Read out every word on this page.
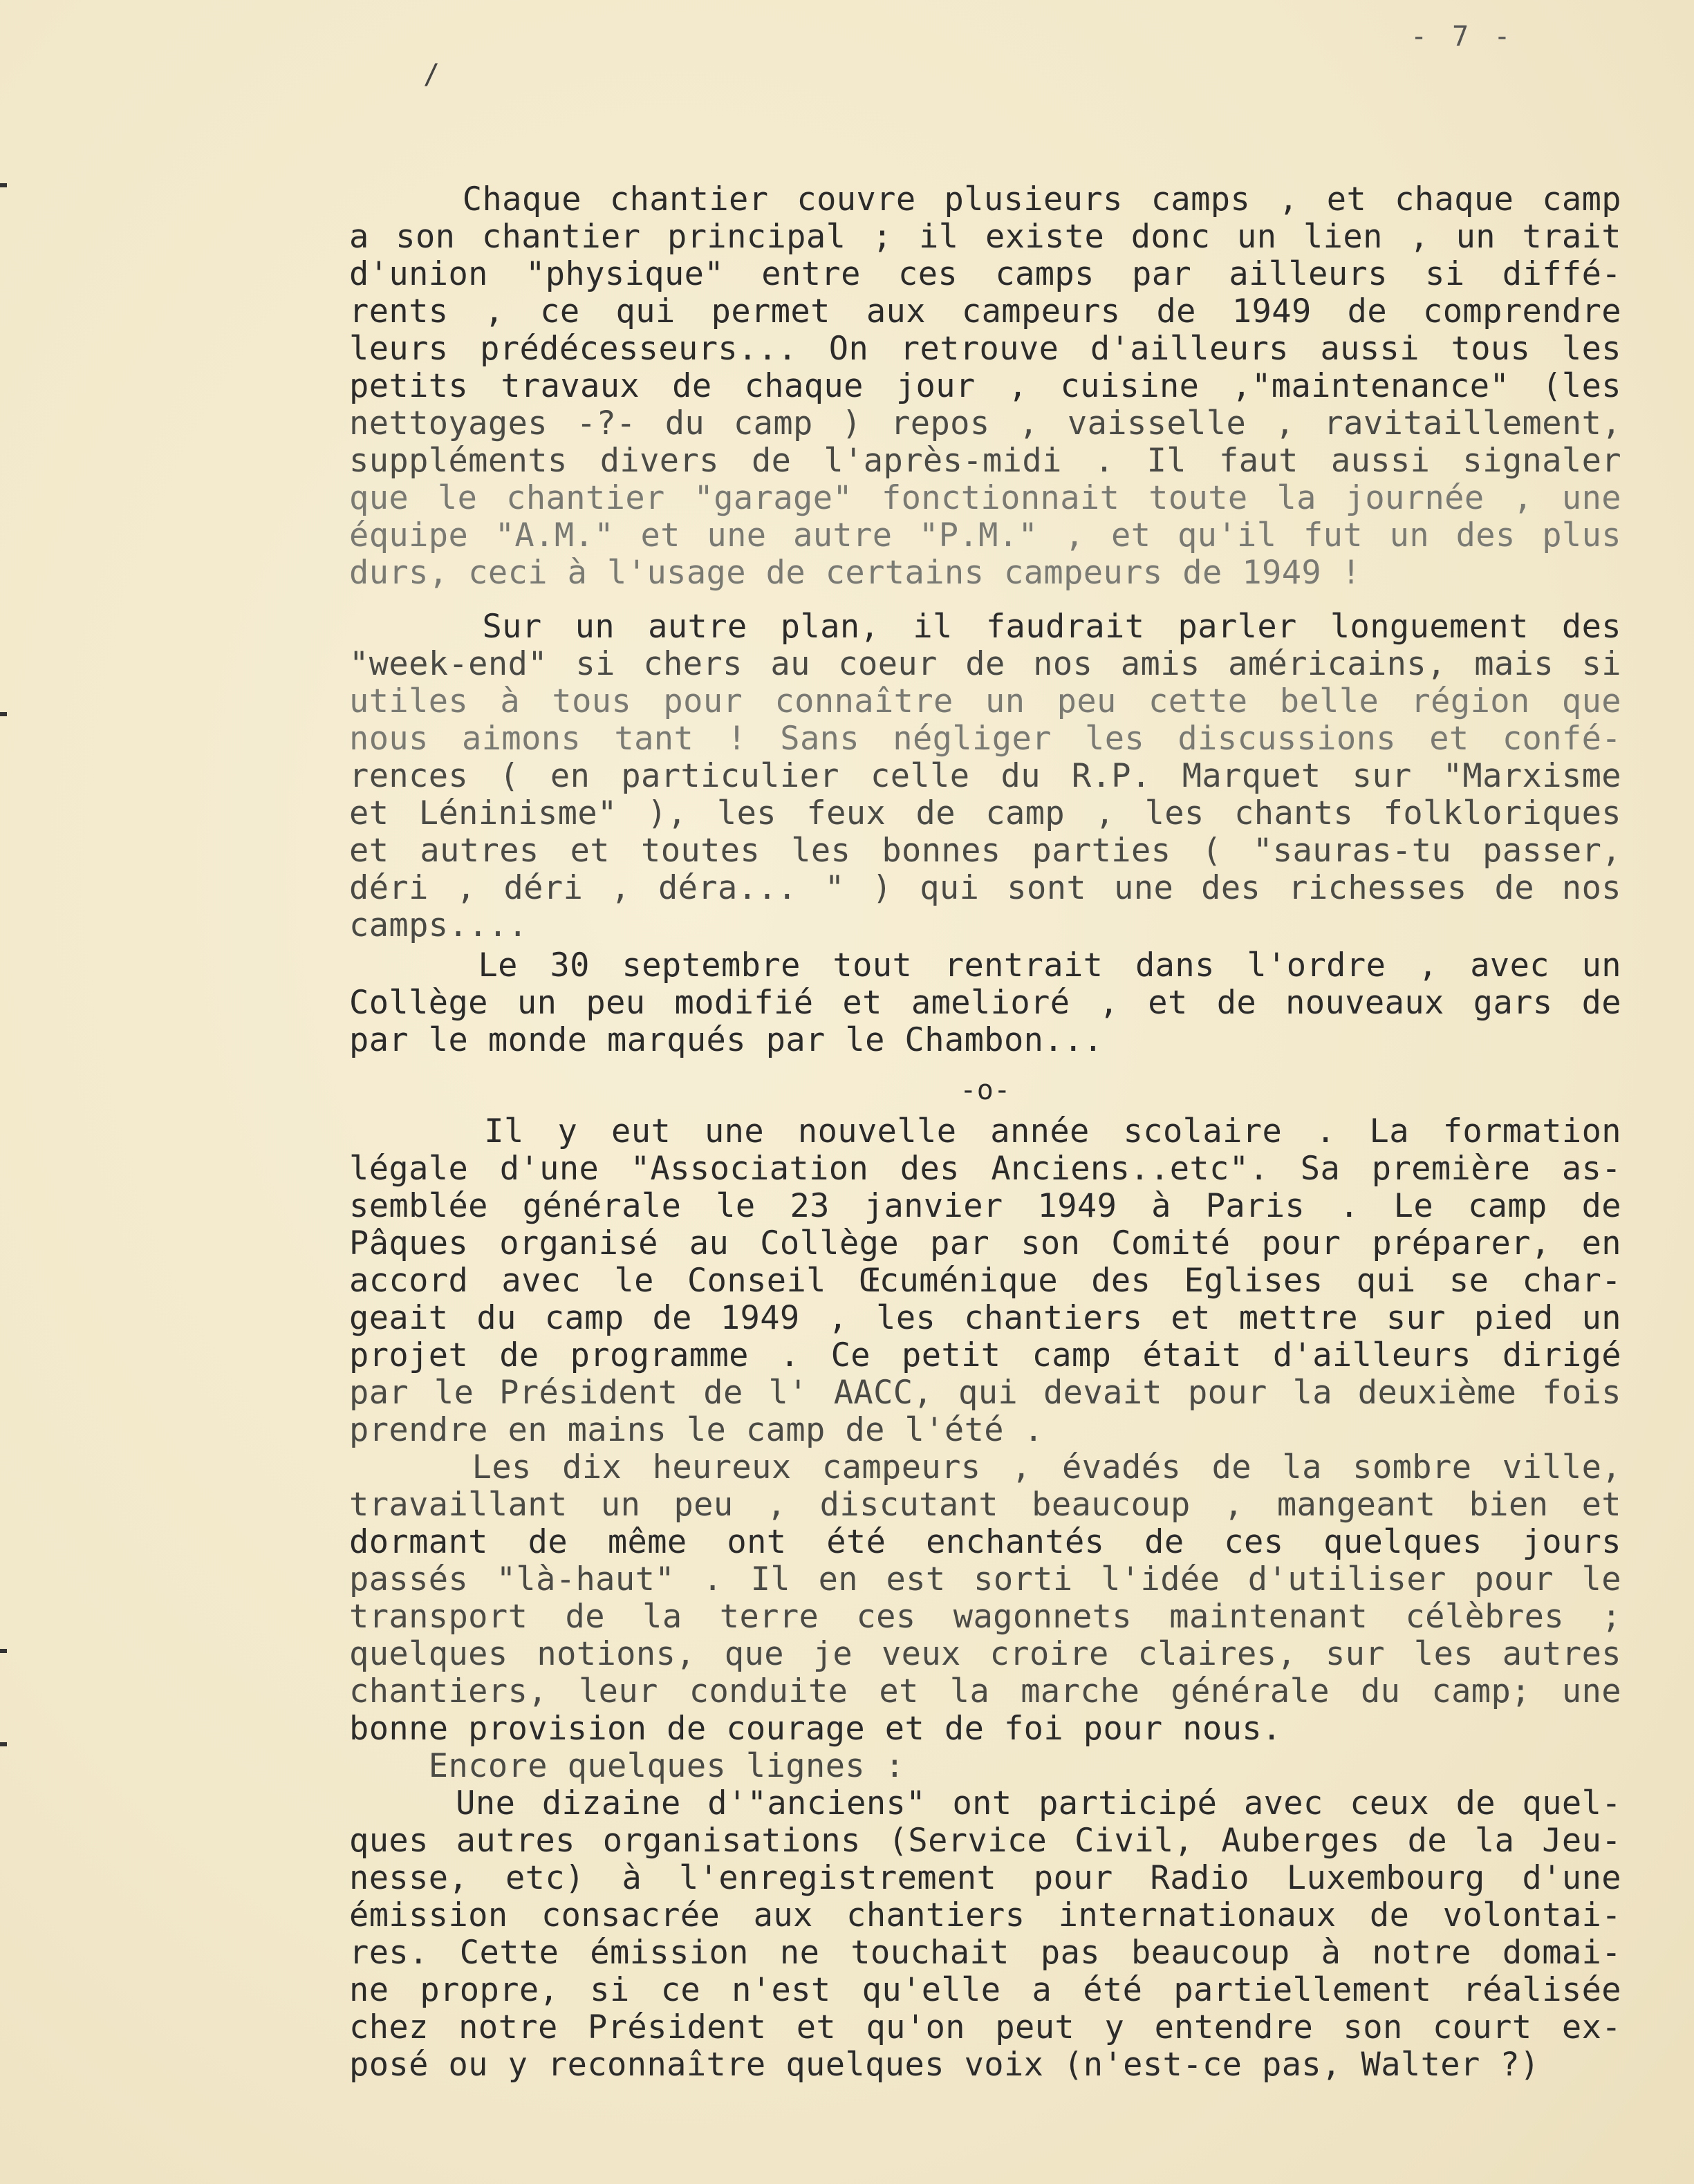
- 7 -
/
Chaque chantier couvre plusieurs camps , et chaque camp
a son chantier principal ; il existe donc un lien , un trait
d'union "physique" entre ces camps par ailleurs si diffé-
rents , ce qui permet aux campeurs de 1949 de comprendre
leurs prédécesseurs... On retrouve d'ailleurs aussi tous les
petits travaux de chaque jour , cuisine ,"maintenance" (les
nettoyages -?- du camp ) repos , vaisselle , ravitaillement,
suppléments divers de l'après-midi . Il faut aussi signaler
que le chantier "garage" fonctionnait toute la journée , une
équipe "A.M." et une autre "P.M." , et qu'il fut un des plus
durs, ceci à l'usage de certains campeurs de 1949 !
Sur un autre plan, il faudrait parler longuement des
"week-end" si chers au coeur de nos amis américains, mais si
utiles à tous pour connaître un peu cette belle région que
nous aimons tant ! Sans négliger les discussions et confé-
rences ( en particulier celle du R.P. Marquet sur "Marxisme
et Léninisme" ), les feux de camp , les chants folkloriques
et autres et toutes les bonnes parties ( "sauras-tu passer,
déri , déri , déra... " ) qui sont une des richesses de nos
camps....
Le 30 septembre tout rentrait dans l'ordre , avec un
Collège un peu modifié et amelioré , et de nouveaux gars de
par le monde marqués par le Chambon...
-o-
Il y eut une nouvelle année scolaire . La formation
légale d'une "Association des Anciens..etc". Sa première as-
semblée générale le 23 janvier 1949 à Paris . Le camp de
Pâques organisé au Collège par son Comité pour préparer, en
accord avec le Conseil Œcuménique des Eglises qui se char-
geait du camp de 1949 , les chantiers et mettre sur pied un
projet de programme . Ce petit camp était d'ailleurs dirigé
par le Président de l' AACC, qui devait pour la deuxième fois
prendre en mains le camp de l'été .
Les dix heureux campeurs , évadés de la sombre ville,
travaillant un peu , discutant beaucoup , mangeant bien et
dormant de même ont été enchantés de ces quelques jours
passés "là-haut" . Il en est sorti l'idée d'utiliser pour le
transport de la terre ces wagonnets maintenant célèbres ;
quelques notions, que je veux croire claires, sur les autres
chantiers, leur conduite et la marche générale du camp; une
bonne provision de courage et de foi pour nous.
Encore quelques lignes :
Une dizaine d'"anciens" ont participé avec ceux de quel-
ques autres organisations (Service Civil, Auberges de la Jeu-
nesse, etc) à l'enregistrement pour Radio Luxembourg d'une
émission consacrée aux chantiers internationaux de volontai-
res. Cette émission ne touchait pas beaucoup à notre domai-
ne propre, si ce n'est qu'elle a été partiellement réalisée
chez notre Président et qu'on peut y entendre son court ex-
posé ou y reconnaître quelques voix (n'est-ce pas, Walter ?)
